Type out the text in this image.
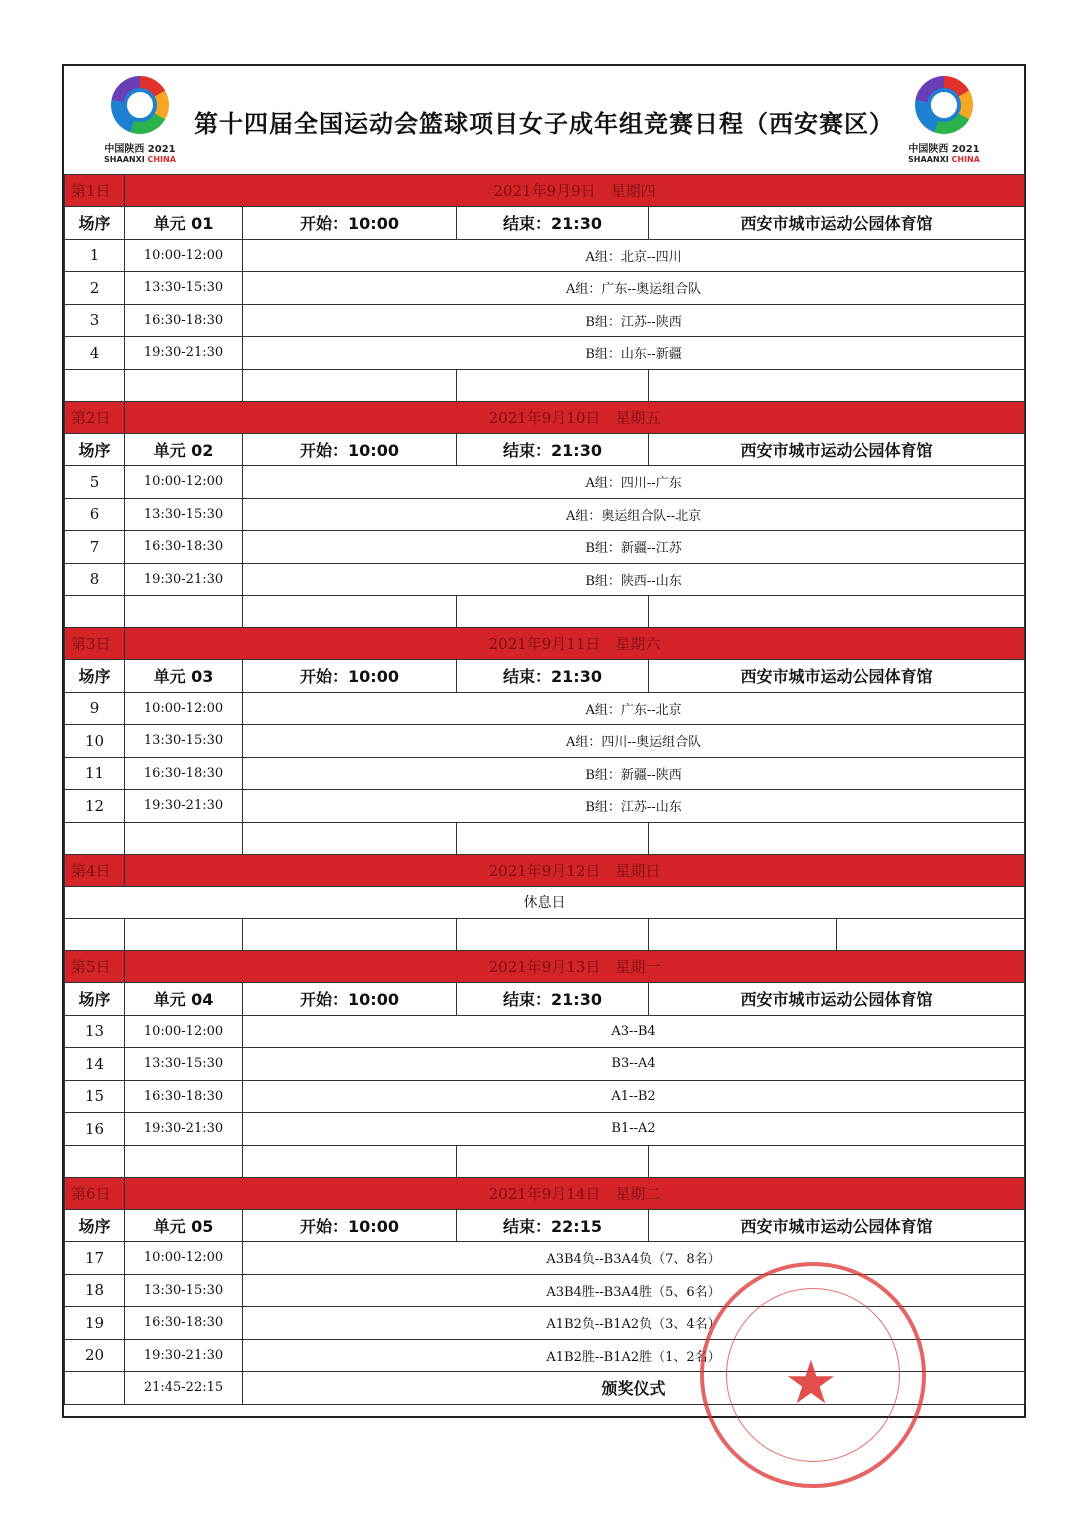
中国陕西 2021
SHAANXI CHINA
第十四届全国运动会篮球项目女子成年组竞赛日程（西安赛区）
中国陕西 2021
SHAANXI CHINA
第1日	2021年9月9日　星期四				
场序	单元 01	开始：10:00	结束：21:30	西安市城市运动公园体育馆	
1	10:00-12:00	A组：北京--四川			
2	13:30-15:30	A组：广东--奥运组合队			
3	16:30-18:30	B组：江苏--陕西			
4	19:30-21:30	B组：山东--新疆			

第2日	2021年9月10日　星期五				
场序	单元 02	开始：10:00	结束：21:30	西安市城市运动公园体育馆	
5	10:00-12:00	A组：四川--广东			
6	13:30-15:30	A组：奥运组合队--北京			
7	16:30-18:30	B组：新疆--江苏			
8	19:30-21:30	B组：陕西--山东			

第3日	2021年9月11日　星期六				
场序	单元 03	开始：10:00	结束：21:30	西安市城市运动公园体育馆	
9	10:00-12:00	A组：广东--北京			
10	13:30-15:30	A组：四川--奥运组合队			
11	16:30-18:30	B组：新疆--陕西			
12	19:30-21:30	B组：江苏--山东			

第4日	2021年9月12日　星期日				
休息日					

第5日	2021年9月13日　星期一				
场序	单元 04	开始：10:00	结束：21:30	西安市城市运动公园体育馆	
13	10:00-12:00	A3--B4			
14	13:30-15:30	B3--A4			
15	16:30-18:30	A1--B2			
16	19:30-21:30	B1--A2			

第6日	2021年9月14日　星期二				
场序	单元 05	开始：10:00	结束：22:15	西安市城市运动公园体育馆	
17	10:00-12:00	A3B4负--B3A4负（7、8名）			
18	13:30-15:30	A3B4胜--B3A4胜（5、6名）			
19	16:30-18:30	A1B2负--B1A2负（3、4名）			
20	19:30-21:30	A1B2胜--B1A2胜（1、2名）			
	21:45-22:15	颁奖仪式			★
